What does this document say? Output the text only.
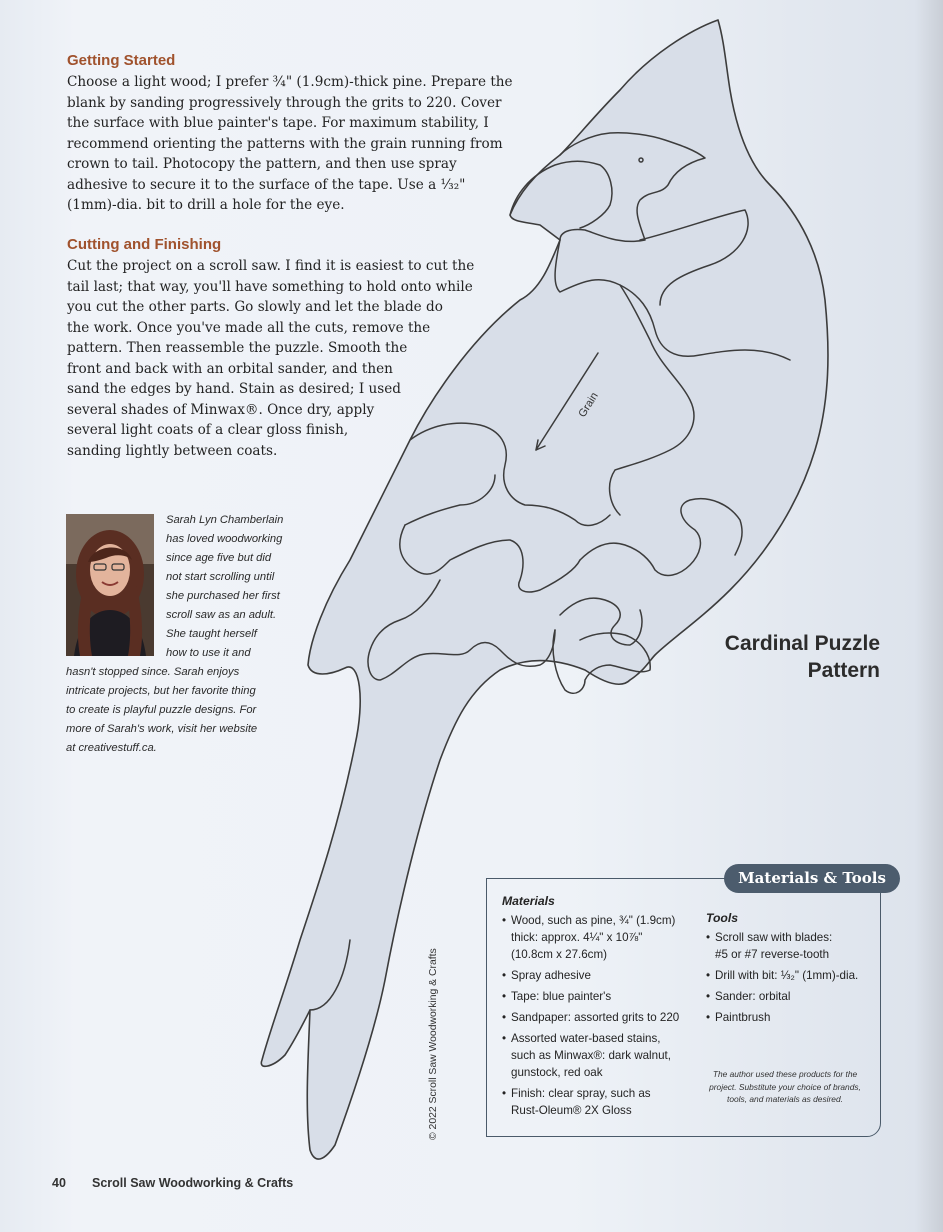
Getting Started
Choose a light wood; I prefer ¾" (1.9cm)-thick pine. Prepare the
blank by sanding progressively through the grits to 220. Cover
the surface with blue painter's tape. For maximum stability, I
recommend orienting the patterns with the grain running from
crown to tail. Photocopy the pattern, and then use spray
adhesive to secure it to the surface of the tape. Use a ⅓₂"
(1mm)-dia. bit to drill a hole for the eye.
Cutting and Finishing
Cut the project on a scroll saw. I find it is easiest to cut the
tail last; that way, you'll have something to hold onto while
you cut the other parts. Go slowly and let the blade do
the work. Once you've made all the cuts, remove the
pattern. Then reassemble the puzzle. Smooth the
front and back with an orbital sander, and then
sand the edges by hand. Stain as desired; I used
several shades of Minwax®. Once dry, apply
several light coats of a clear gloss finish,
sanding lightly between coats.
Grain
Sarah Lyn Chamberlain
has loved woodworking
since age five but did
not start scrolling until
she purchased her first
scroll saw as an adult.
She taught herself
how to use it and
hasn't stopped since. Sarah enjoys
intricate projects, but her favorite thing
to create is playful puzzle designs. For
more of Sarah's work, visit her website
at creativestuff.ca.
Cardinal Puzzle
Pattern
© 2022 Scroll Saw Woodworking & Crafts
Materials & Tools
Materials
• Wood, such as pine, ¾" (1.9cm)
thick: approx. 4¼" x 10⅞"
(10.8cm x 27.6cm)
• Spray adhesive
• Tape: blue painter's
• Sandpaper: assorted grits to 220
• Assorted water-based stains,
such as Minwax®: dark walnut,
gunstock, red oak
• Finish: clear spray, such as
Rust-Oleum® 2X Gloss
Tools
• Scroll saw with blades:
#5 or #7 reverse-tooth
• Drill with bit: ⅓₂" (1mm)-dia.
• Sander: orbital
• Paintbrush
The author used these products for the
project. Substitute your choice of brands,
tools, and materials as desired.
40 Scroll Saw Woodworking & Crafts
